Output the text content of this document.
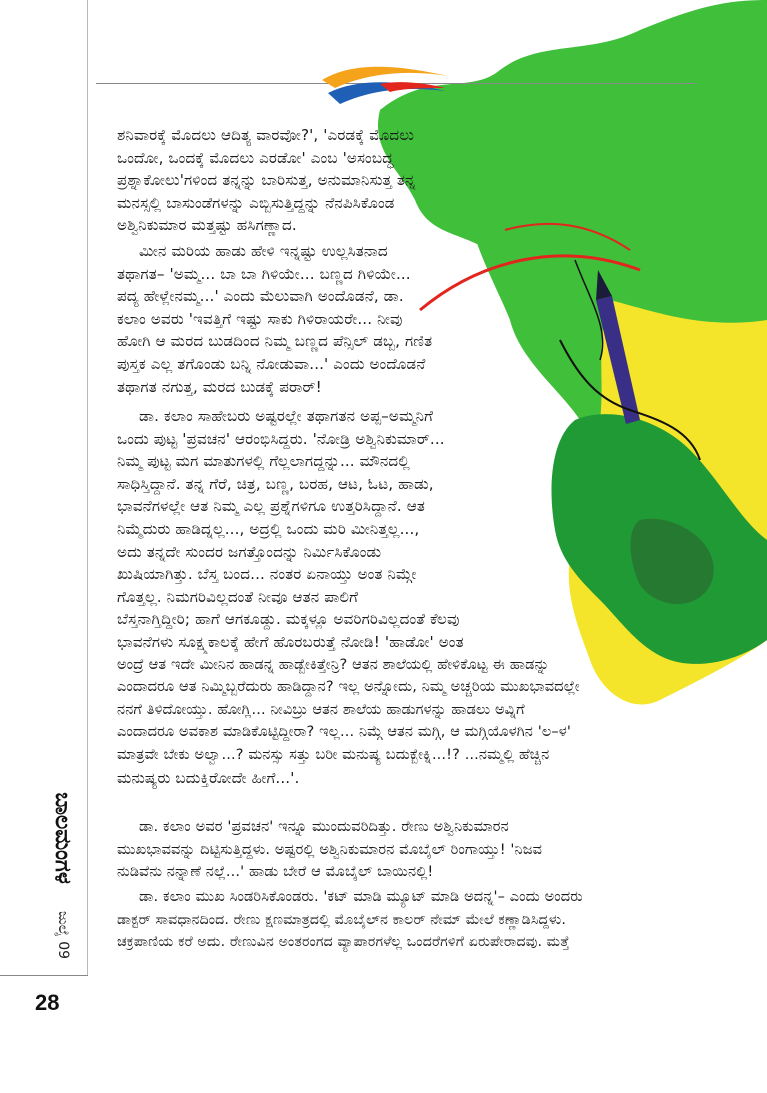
ಶನಿವಾರಕ್ಕೆ ಮೊದಲು ಆದಿತ್ಯ ವಾರವೋ?', 'ಎರಡಕ್ಕೆ ಮೊದಲು
ಒಂದೋ, ಒಂದಕ್ಕೆ ಮೊದಲು ಎರಡೋ' ಎಂಬ 'ಅಸಂಬದ್ಧ
ಪ್ರಶ್ನಾಕೋಲು'ಗಳಿಂದ ತನ್ನನ್ನು ಬಾರಿಸುತ್ತ, ಅನುಮಾನಿಸುತ್ತ ತನ್ನ
ಮನಸ್ಸಲ್ಲಿ ಬಾಸುಂಡೆಗಳನ್ನು ಎಬ್ಬಿಸುತ್ತಿದ್ದನ್ನು ನೆನಪಿಸಿಕೊಂಡ
ಅಶ್ವಿನಿಕುಮಾರ ಮತ್ತಷ್ಟು ಹಸಿಗಣ್ಣಾದ.

ಮೀನ ಮರಿಯ ಹಾಡು ಹೇಳಿ ಇನ್ನಷ್ಟು ಉಲ್ಲಸಿತನಾದ
ತಥಾಗತ– 'ಅಮ್ಮ... ಬಾ ಬಾ ಗಿಳಿಯೇ... ಬಣ್ಣದ ಗಿಳಿಯೇ...
ಪದ್ಯ ಹೇಳ್ಲೇನಮ್ಮ...' ಎಂದು ಮೆಲುವಾಗಿ ಅಂದೊಡನೆ, ಡಾ.
ಕಲಾಂ ಅವರು 'ಇವತ್ತಿಗೆ ಇಷ್ಟು ಸಾಕು ಗಿಳಿರಾಯರೇ... ನೀವು
ಹೋಗಿ ಆ ಮರದ ಬುಡದಿಂದ ನಿಮ್ಮ ಬಣ್ಣದ ಪೆನ್ಸಿಲ್ ಡಬ್ಬ, ಗಣಿತ
ಪುಸ್ತಕ ಎಲ್ಲ ತಗೊಂಡು ಬನ್ನಿ ನೋಡುವಾ...' ಎಂದು ಅಂದೊಡನೆ
ತಥಾಗತ ನಗುತ್ತ, ಮರದ ಬುಡಕ್ಕೆ ಪರಾರ್!

ಡಾ. ಕಲಾಂ ಸಾಹೇಬರು ಅಷ್ಟರಲ್ಲೇ ತಥಾಗತನ ಅಪ್ಪ–ಅಮ್ಮನಿಗೆ
ಒಂದು ಪುಟ್ಟ 'ಪ್ರವಚನ' ಆರಂಭಿಸಿದ್ದರು. 'ನೋಡ್ರಿ ಅಶ್ವಿನಿಕುಮಾರ್...
ನಿಮ್ಮ ಪುಟ್ಟ ಮಗ ಮಾತುಗಳಲ್ಲಿ ಗೆಲ್ಲಲಾಗದ್ದನ್ನು... ಮೌನದಲ್ಲಿ
ಸಾಧಿಸ್ತಿದ್ದಾನೆ. ತನ್ನ ಗೆರೆ, ಚಿತ್ರ, ಬಣ್ಣ, ಬರಹ, ಆಟ, ಓಟ, ಹಾಡು,
ಭಾವನೆಗಳಲ್ಲೇ ಆತ ನಿಮ್ಮ ಎಲ್ಲ ಪ್ರಶ್ನೆಗಳಿಗೂ ಉತ್ತರಿಸಿದ್ದಾನೆ. ಆತ
ನಿಮ್ಮೆದುರು ಹಾಡಿದ್ನಲ್ಲ..., ಅದ್ರಲ್ಲಿ ಒಂದು ಮರಿ ಮೀನಿತ್ತಲ್ಲ...,
ಅದು ತನ್ನದೇ ಸುಂದರ ಜಗತ್ತೊಂದನ್ನು ನಿರ್ಮಿಸಿಕೊಂಡು
ಖುಷಿಯಾಗಿತ್ತು. ಬೆಸ್ತ ಬಂದ... ನಂತರ ಏನಾಯ್ತು ಅಂತ ನಿಮ್ಗೇ
ಗೊತ್ತಲ್ಲ. ನಿಮಗರಿವಿಲ್ಲದಂತೆ ನೀವೂ ಆತನ ಪಾಲಿಗೆ
ಬೆಸ್ತನಾಗ್ತಿದ್ದೀರಿ; ಹಾಗೆ ಆಗಕೂಡ್ದು. ಮಕ್ಕಳ್ಲೂ ಅವರಿಗರಿವಿಲ್ಲದಂತೆ ಕೆಲವು
ಭಾವನೆಗಳು ಸೂಕ್ಷ್ಮಕಾಲಕ್ಕೆ ಹೇಗೆ ಹೊರಬರುತ್ತೆ ನೋಡಿ! 'ಹಾಡೋ' ಅಂತ
ಅಂದ್ರೆ ಆತ ಇದೇ ಮೀನಿನ ಹಾಡನ್ನ ಹಾಡ್ಬೇಕಿತ್ತೇನ್ರಿ? ಆತನ ಶಾಲೆಯಲ್ಲಿ ಹೇಳಿಕೊಟ್ಟ ಈ ಹಾಡನ್ನು
ಎಂದಾದರೂ ಆತ ನಿಮ್ಮಿಬ್ಬರೆದುರು ಹಾಡಿದ್ದಾನ? ಇಲ್ಲ ಅನ್ನೋದು, ನಿಮ್ಮ ಅಚ್ಚರಿಯ ಮುಖಭಾವದಲ್ಲೇ
ನನಗೆ ತಿಳಿದೋಯ್ತು. ಹೋಗ್ಲಿ... ನೀವಿಬ್ರು ಆತನ ಶಾಲೆಯ ಹಾಡುಗಳನ್ನು ಹಾಡಲು ಅವ್ನಿಗೆ
ಎಂದಾದರೂ ಅವಕಾಶ ಮಾಡಿಕೊಟ್ಟಿದ್ದೀರಾ? ಇಲ್ಲ... ನಿಮ್ಗೆ ಆತನ ಮಗ್ಗಿ, ಆ ಮಗ್ಗಿಯೊಳಗಿನ 'ಲ–ಳ'
ಮಾತ್ರವೇ ಬೇಕು ಅಲ್ವಾ...? ಮನಸ್ಸು ಸತ್ತು ಬರೀ ಮನುಷ್ಯ ಬದುಕ್ಬೇಕ್ನಿ...!? ...ನಮ್ಮಲ್ಲಿ ಹೆಚ್ಚಿನ
ಮನುಷ್ಯರು ಬದುಕ್ತಿರೋದೇ ಹೀಗೆ...'.

ಡಾ. ಕಲಾಂ ಅವರ 'ಪ್ರವಚನ' ಇನ್ನೂ ಮುಂದುವರಿದಿತ್ತು. ರೇಣು ಅಶ್ವಿನಿಕುಮಾರನ
ಮುಖಭಾವವನ್ನು ದಿಟ್ಟಿಸುತ್ತಿದ್ದಳು. ಅಷ್ಟರಲ್ಲಿ ಅಶ್ವಿನಿಕುಮಾರನ ಮೊಬೈಲ್ ರಿಂಗಾಯ್ತು! 'ನಿಜವ
ನುಡಿವೆನು ನನ್ನಾಣೆ ನಲ್ಲೆ...' ಹಾಡು ಬೇರೆ ಆ ಮೊಬೈಲ್ ಬಾಯಿನಲ್ಲಿ!

ಡಾ. ಕಲಾಂ ಮುಖ ಸಿಂಡರಿಸಿಕೊಂಡರು. 'ಕಟ್ ಮಾಡಿ ಮ್ಯೂಟ್ ಮಾಡಿ ಅದನ್ನ'– ಎಂದು ಅಂದರು
ಡಾಕ್ಟರ್ ಸಾವಧಾನದಿಂದ. ರೇಣು ಕ್ಷಣಮಾತ್ರದಲ್ಲಿ ಮೊಬೈಲ್‌ನ ಕಾಲರ್ ನೇಮ್ ಮೇಲೆ ಕಣ್ಣಾಡಿಸಿದ್ದಳು.
ಚಕ್ರಪಾಣಿಯ ಕರೆ ಅದು. ರೇಣುವಿನ ಅಂತರಂಗದ ವ್ಯಾಪಾರಗಳೆಲ್ಲ ಒಂದರೆಗಳಿಗೆ ಏರುಪೇರಾದವು. ಮತ್ತೆ

ಬಾಲಮಂಗಳ
ಜುಲೈ 09
28
